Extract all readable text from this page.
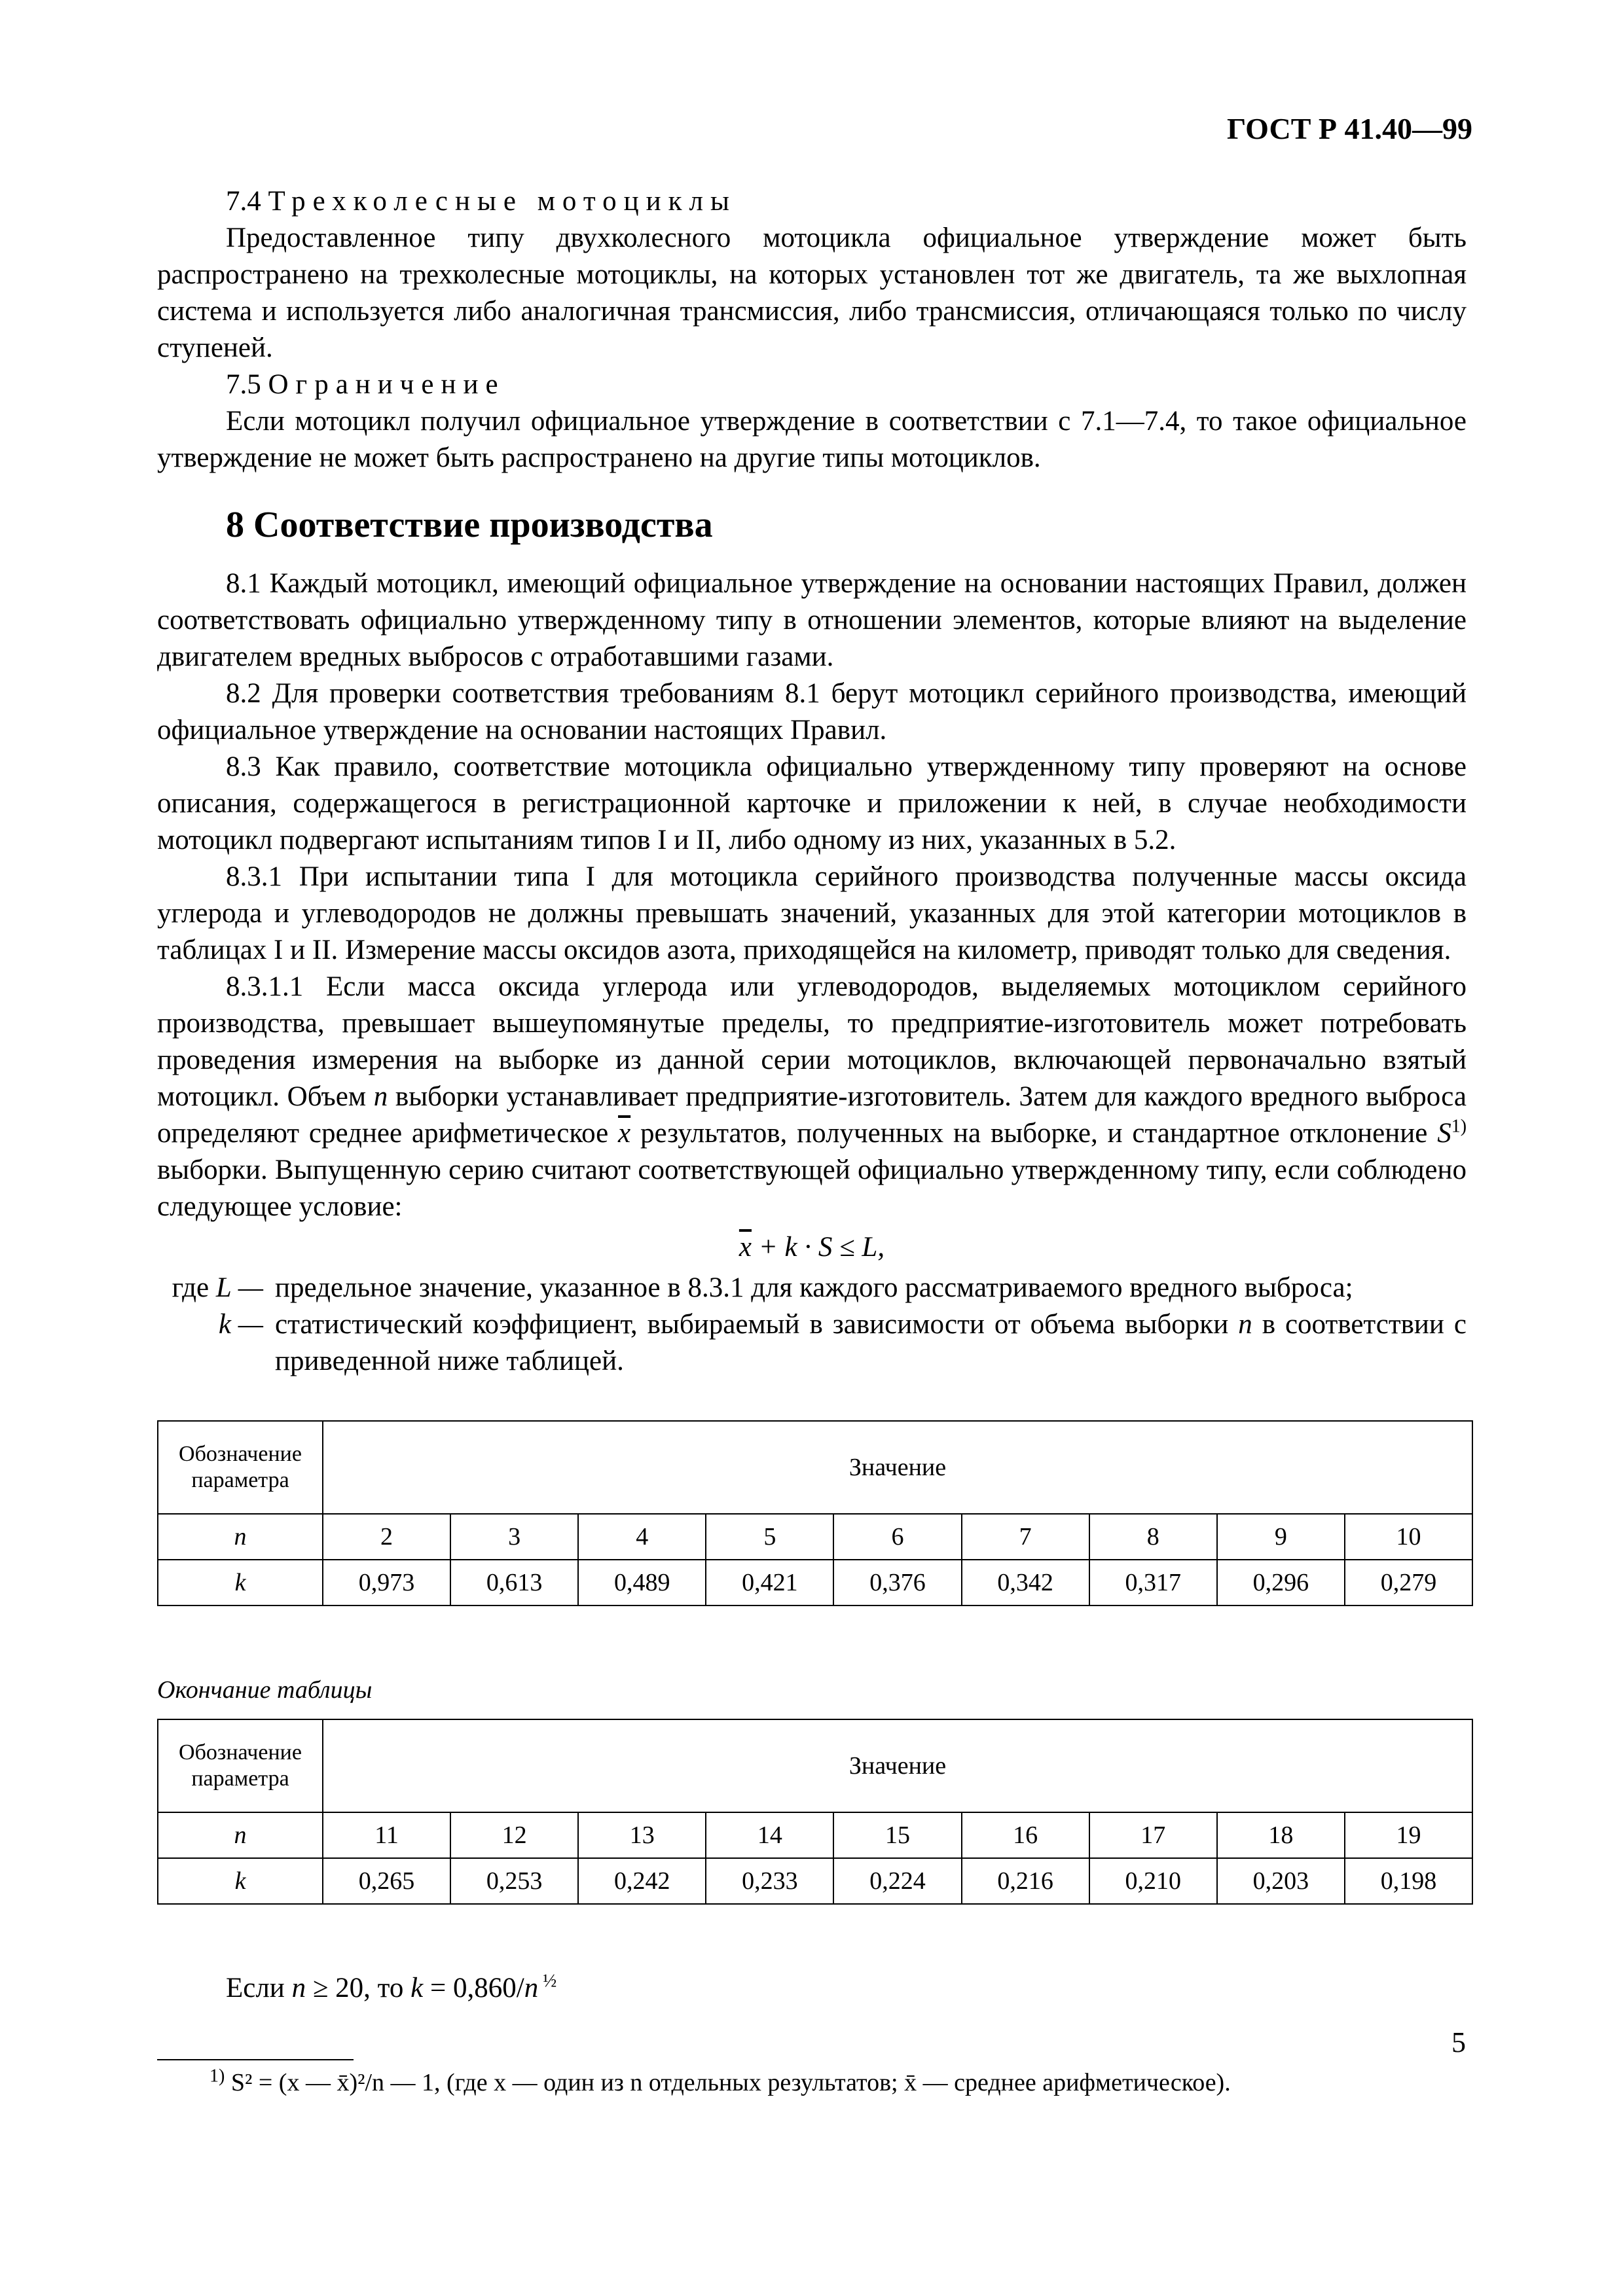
ГОСТ Р 41.40—99

7.4 Трехколесные мотоциклы

Предоставленное типу двухколесного мотоцикла официальное утверждение может быть распространено на трехколесные мотоциклы, на которых установлен тот же двигатель, та же выхлопная система и используется либо аналогичная трансмиссия, либо трансмиссия, отличающаяся только по числу ступеней.

7.5 Ограничение

Если мотоцикл получил официальное утверждение в соответствии с 7.1—7.4, то такое официальное утверждение не может быть распространено на другие типы мотоциклов.

8 Соответствие производства

8.1 Каждый мотоцикл, имеющий официальное утверждение на основании настоящих Правил, должен соответствовать официально утвержденному типу в отношении элементов, которые влияют на выделение двигателем вредных выбросов с отработавшими газами.

8.2 Для проверки соответствия требованиям 8.1 берут мотоцикл серийного производства, имеющий официальное утверждение на основании настоящих Правил.

8.3 Как правило, соответствие мотоцикла официально утвержденному типу проверяют на основе описания, содержащегося в регистрационной карточке и приложении к ней, в случае необходимости мотоцикл подвергают испытаниям типов I и II, либо одному из них, указанных в 5.2.

8.3.1 При испытании типа I для мотоцикла серийного производства полученные массы оксида углерода и углеводородов не должны превышать значений, указанных для этой категории мотоциклов в таблицах I и II. Измерение массы оксидов азота, приходящейся на километр, приводят только для сведения.

8.3.1.1 Если масса оксида углерода или углеводородов, выделяемых мотоциклом серийного производства, превышает вышеупомянутые пределы, то предприятие-изготовитель может потребовать проведения измерения на выборке из данной серии мотоциклов, включающей первоначально взятый мотоцикл. Объем n выборки устанавливает предприятие-изготовитель. Затем для каждого вредного выброса определяют среднее арифметическое $\overline{x}$ результатов, полученных на выборке, и стандартное отклонение $S^{1)}$ выборки. Выпущенную серию считают соответствующей официально утвержденному типу, если соблюдено следующее условие:

$\overline{x} + k \cdot S \le L$,

где L — предельное значение, указанное в 8.3.1 для каждого рассматриваемого вредного выброса;
k — статистический коэффициент, выбираемый в зависимости от объема выборки n в соответствии с приведенной ниже таблицей.
Обозначение параметра	Значение								
n	2	3	4	5	6	7	8	9	10
k	0,973	0,613	0,489	0,421	0,376	0,342	0,317	0,296	0,279
Окончание таблицы
Обозначение параметра	Значение								
n	11	12	13	14	15	16	17	18	19
k	0,265	0,253	0,242	0,233	0,224	0,216	0,210	0,203	0,198

Если n ≥ 20, то k = 0,860/n $^{\frac{1}{2}}$

$^{1)}$ S² = (x — x̄)²/n — 1, (где x — один из n отдельных результатов; x̄ — среднее арифметическое).
5
